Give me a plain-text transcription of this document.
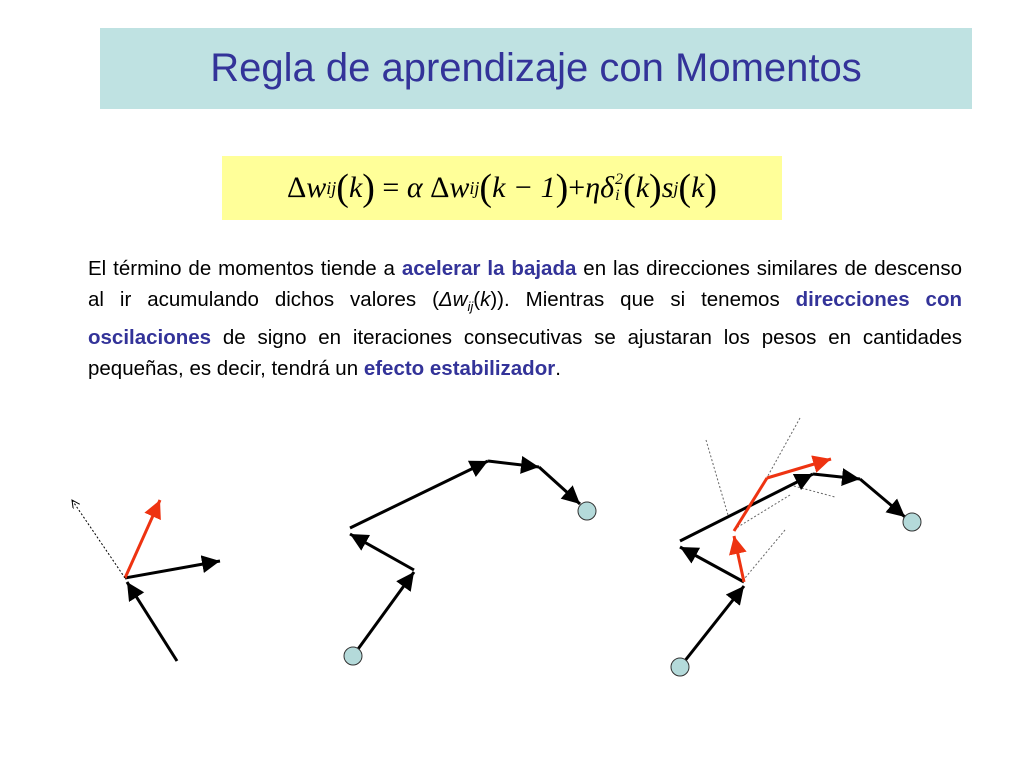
Regla de aprendizaje con Momentos
Δ w ij ( k )
=
α
Δ w ij ( k − 1 ) + η δ 2
i ( k ) s j ( k )
El término de momentos tiende a acelerar la bajada en las direcciones similares de descenso al ir acumulando dichos valores $(\Delta w_{ij}(k))$. Mientras que si tenemos direcciones con oscilaciones de signo en iteraciones consecutivas se ajustaran los pesos en cantidades pequeñas, es decir, tendrá un efecto estabilizador.
